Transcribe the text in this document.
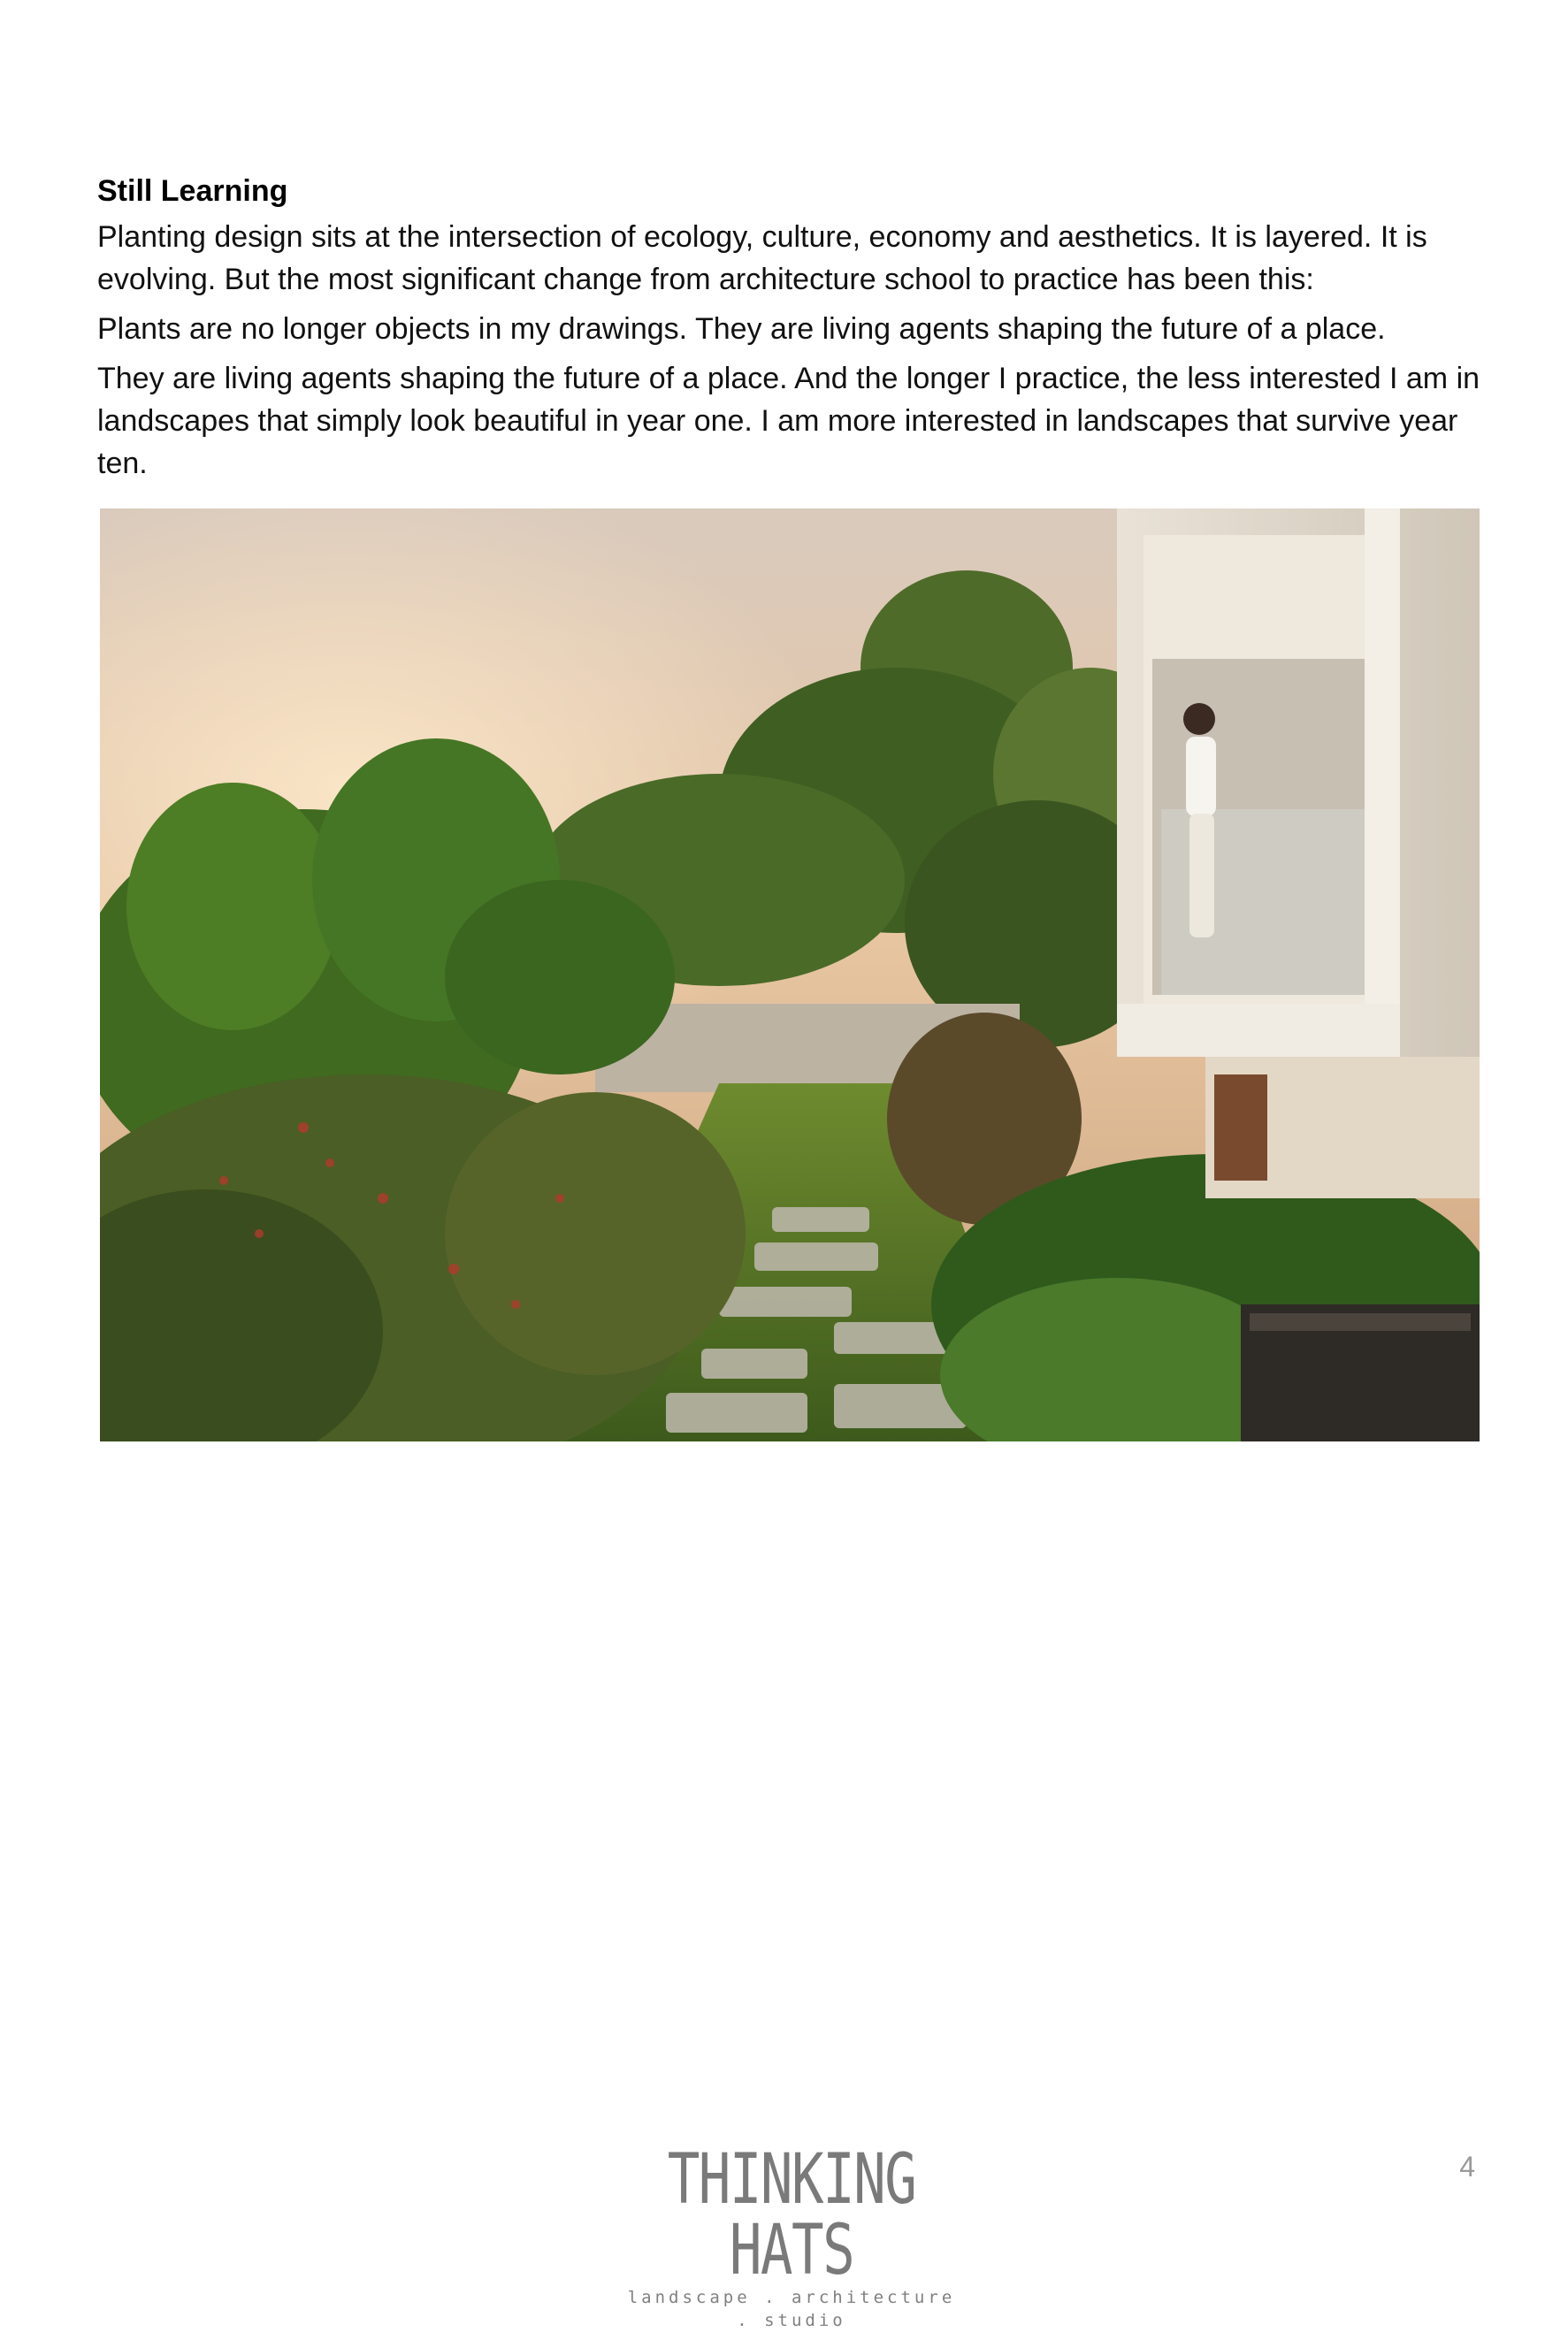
Still Learning

Planting design sits at the intersection of ecology, culture, economy and aesthetics. It is layered. It is evolving. But the most significant change from architecture school to practice has been this:

Plants are no longer objects in my drawings. They are living agents shaping the future of a place.

They are living agents shaping the future of a place. And the longer I practice, the less interested I am in landscapes that simply look beautiful in year one. I am more interested in landscapes that survive year ten.

THINKING HATS
landscape . architecture . studio
4
